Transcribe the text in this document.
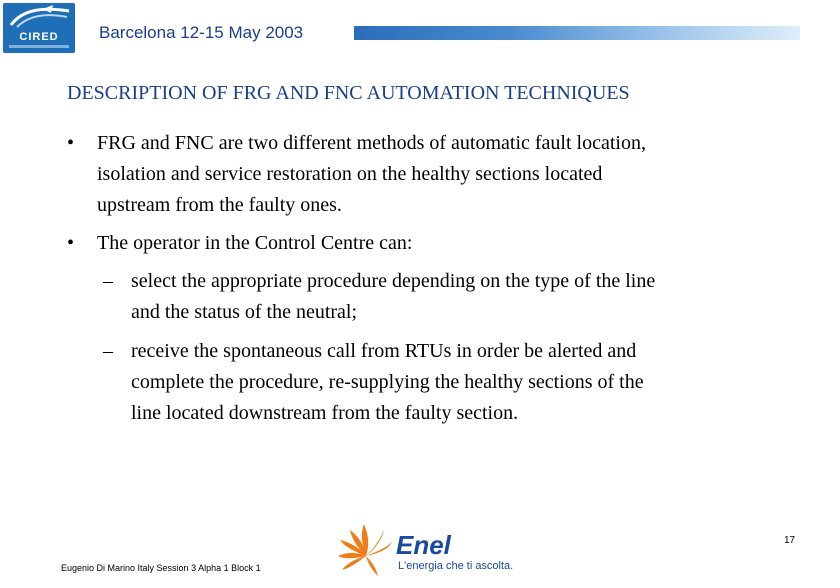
CIRED	Barcelona 12-15 May 2003
DESCRIPTION OF FRG AND FNC AUTOMATION TECHNIQUES
• FRG and FNC are two different methods of automatic fault location,
isolation and service restoration on the healthy sections located
upstream from the faulty ones.
• The operator in the Control Centre can:
– select the appropriate procedure depending on the type of the line
and the status of the neutral;
– receive the spontaneous call from RTUs in order be alerted and
complete the procedure, re-supplying the healthy sections of the
line located downstream from the faulty section.
Eugenio Di Marino Italy Session 3 Alpha 1 Block 1
17
Enel
L'energia che ti ascolta.
